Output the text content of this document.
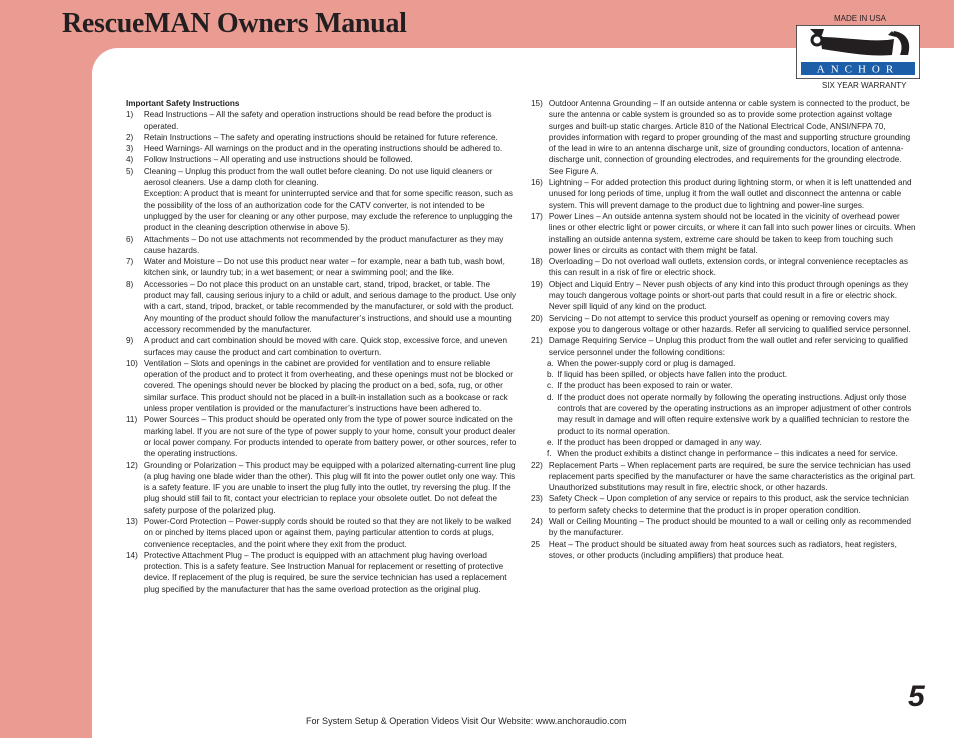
RescueMAN Owners Manual	MADE IN USA
ANCHOR
SIX YEAR WARRANTY

Important Safety Instructions

1) Read Instructions – All the safety and operation instructions should be read before the product is operated.

2) Retain Instructions – The safety and operating instructions should be retained for future reference.

3) Heed Warnings- All warnings on the product and in the operating instructions should be adhered to.

4) Follow Instructions – All operating and use instructions should be followed.

5) Cleaning – Unplug this product from the wall outlet before cleaning. Do not use liquid cleaners or aerosol cleaners. Use a damp cloth for cleaning.

Exception: A product that is meant for uninterrupted service and that for some specific reason, such as the possibility of the loss of an authorization code for the CATV converter, is not intended to be unplugged by the user for cleaning or any other purpose, may exclude the reference to unplugging the product in the cleaning description otherwise in above 5).

6) Attachments – Do not use attachments not recommended by the product manufacturer as they may cause hazards.

7) Water and Moisture – Do not use this product near water – for example, near a bath tub, wash bowl, kitchen sink, or laundry tub; in a wet basement; or near a swimming pool; and the like.

8) Accessories – Do not place this product on an unstable cart, stand, tripod, bracket, or table. The product may fall, causing serious injury to a child or adult, and serious damage to the product. Use only with a cart, stand, tripod, bracket, or table recommended by the manufacturer, or sold with the product. Any mounting of the product should follow the manufacturer’s instructions, and should use a mounting accessory recommended by the manufacturer.

9) A product and cart combination should be moved with care. Quick stop, excessive force, and uneven surfaces may cause the product and cart combination to overturn.

10) Ventilation – Slots and openings in the cabinet are provided for ventilation and to ensure reliable operation of the product and to protect it from overheating, and these openings must not be blocked or covered. The openings should never be blocked by placing the product on a bed, sofa, rug, or other similar surface. This product should not be placed in a built-in installation such as a bookcase or rack unless proper ventilation is provided or the manufacturer’s instructions have been adhered to.

11) Power Sources – This product should be operated only from the type of power source indicated on the marking label. If you are not sure of the type of power supply to your home, consult your product dealer or local power company. For products intended to operate from battery power, or other sources, refer to the operating instructions.

12) Grounding or Polarization – This product may be equipped with a polarized alternating-current line plug (a plug having one blade wider than the other). This plug will fit into the power outlet only one way. This is a safety feature. IF you are unable to insert the plug fully into the outlet, try reversing the plug. If the plug should still fail to fit, contact your electrician to replace your obsolete outlet. Do not defeat the safety purpose of the polarized plug.

13) Power-Cord Protection – Power-supply cords should be routed so that they are not likely to be walked on or pinched by items placed upon or against them, paying particular attention to cords at plugs, convenience receptacles, and the point where they exit from the product.

14) Protective Attachment Plug – The product is equipped with an attachment plug having overload protection. This is a safety feature. See Instruction Manual for replacement or resetting of protective device. If replacement of the plug is required, be sure the service technician has used a replacement plug specified by the manufacturer that has the same overload protection as the original plug.

15) Outdoor Antenna Grounding – If an outside antenna or cable system is connected to the product, be sure the antenna or cable system is grounded so as to provide some protection against voltage surges and built-up static charges. Article 810 of the National Electrical Code, ANSI/NFPA 70, provides information with regard to proper grounding of the mast and supporting structure grounding of the lead in wire to an antenna discharge unit, size of grounding conductors, location of antenna-discharge unit, connection of grounding electrodes, and requirements for the grounding electrode. See Figure A.

16) Lightning – For added protection this product during lightning storm, or when it is left unattended and unused for long periods of time, unplug it from the wall outlet and disconnect the antenna or cable system. This will prevent damage to the product due to lightning and power-line surges.

17) Power Lines – An outside antenna system should not be located in the vicinity of overhead power lines or other electric light or power circuits, or where it can fall into such power lines or circuits. When installing an outside antenna system, extreme care should be taken to keep from touching such power lines or circuits as contact with them might be fatal.

18) Overloading – Do not overload wall outlets, extension cords, or integral convenience receptacles as this can result in a risk of fire or electric shock.

19) Object and Liquid Entry – Never push objects of any kind into this product through openings as they may touch dangerous voltage points or short-out parts that could result in a fire or electric shock. Never spill liquid of any kind on the product.

20) Servicing – Do not attempt to service this product yourself as opening or removing covers may expose you to dangerous voltage or other hazards. Refer all servicing to qualified service personnel.

21) Damage Requiring Service – Unplug this product from the wall outlet and refer servicing to qualified service personnel under the following conditions:

a. When the power-supply cord or plug is damaged.

b. If liquid has been spilled, or objects have fallen into the product.

c. If the product has been exposed to rain or water.

d. If the product does not operate normally by following the operating instructions. Adjust only those controls that are covered by the operating instructions as an improper adjustment of other controls may result in damage and will often require extensive work by a qualified technician to restore the product to its normal operation.

e. If the product has been dropped or damaged in any way.

f. When the product exhibits a distinct change in performance – this indicates a need for service.

22) Replacement Parts – When replacement parts are required, be sure the service technician has used replacement parts specified by the manufacturer or have the same characteristics as the original part. Unauthorized substitutions may result in fire, electric shock, or other hazards.

23) Safety Check – Upon completion of any service or repairs to this product, ask the service technician to perform safety checks to determine that the product is in proper operation condition.

24) Wall or Ceiling Mounting – The product should be mounted to a wall or ceiling only as recommended by the manufacturer.

25 Heat – The product should be situated away from heat sources such as radiators, heat registers, stoves, or other products (including amplifiers) that produce heat.

For System Setup & Operation Videos Visit Our Website: www.anchoraudio.com
5
